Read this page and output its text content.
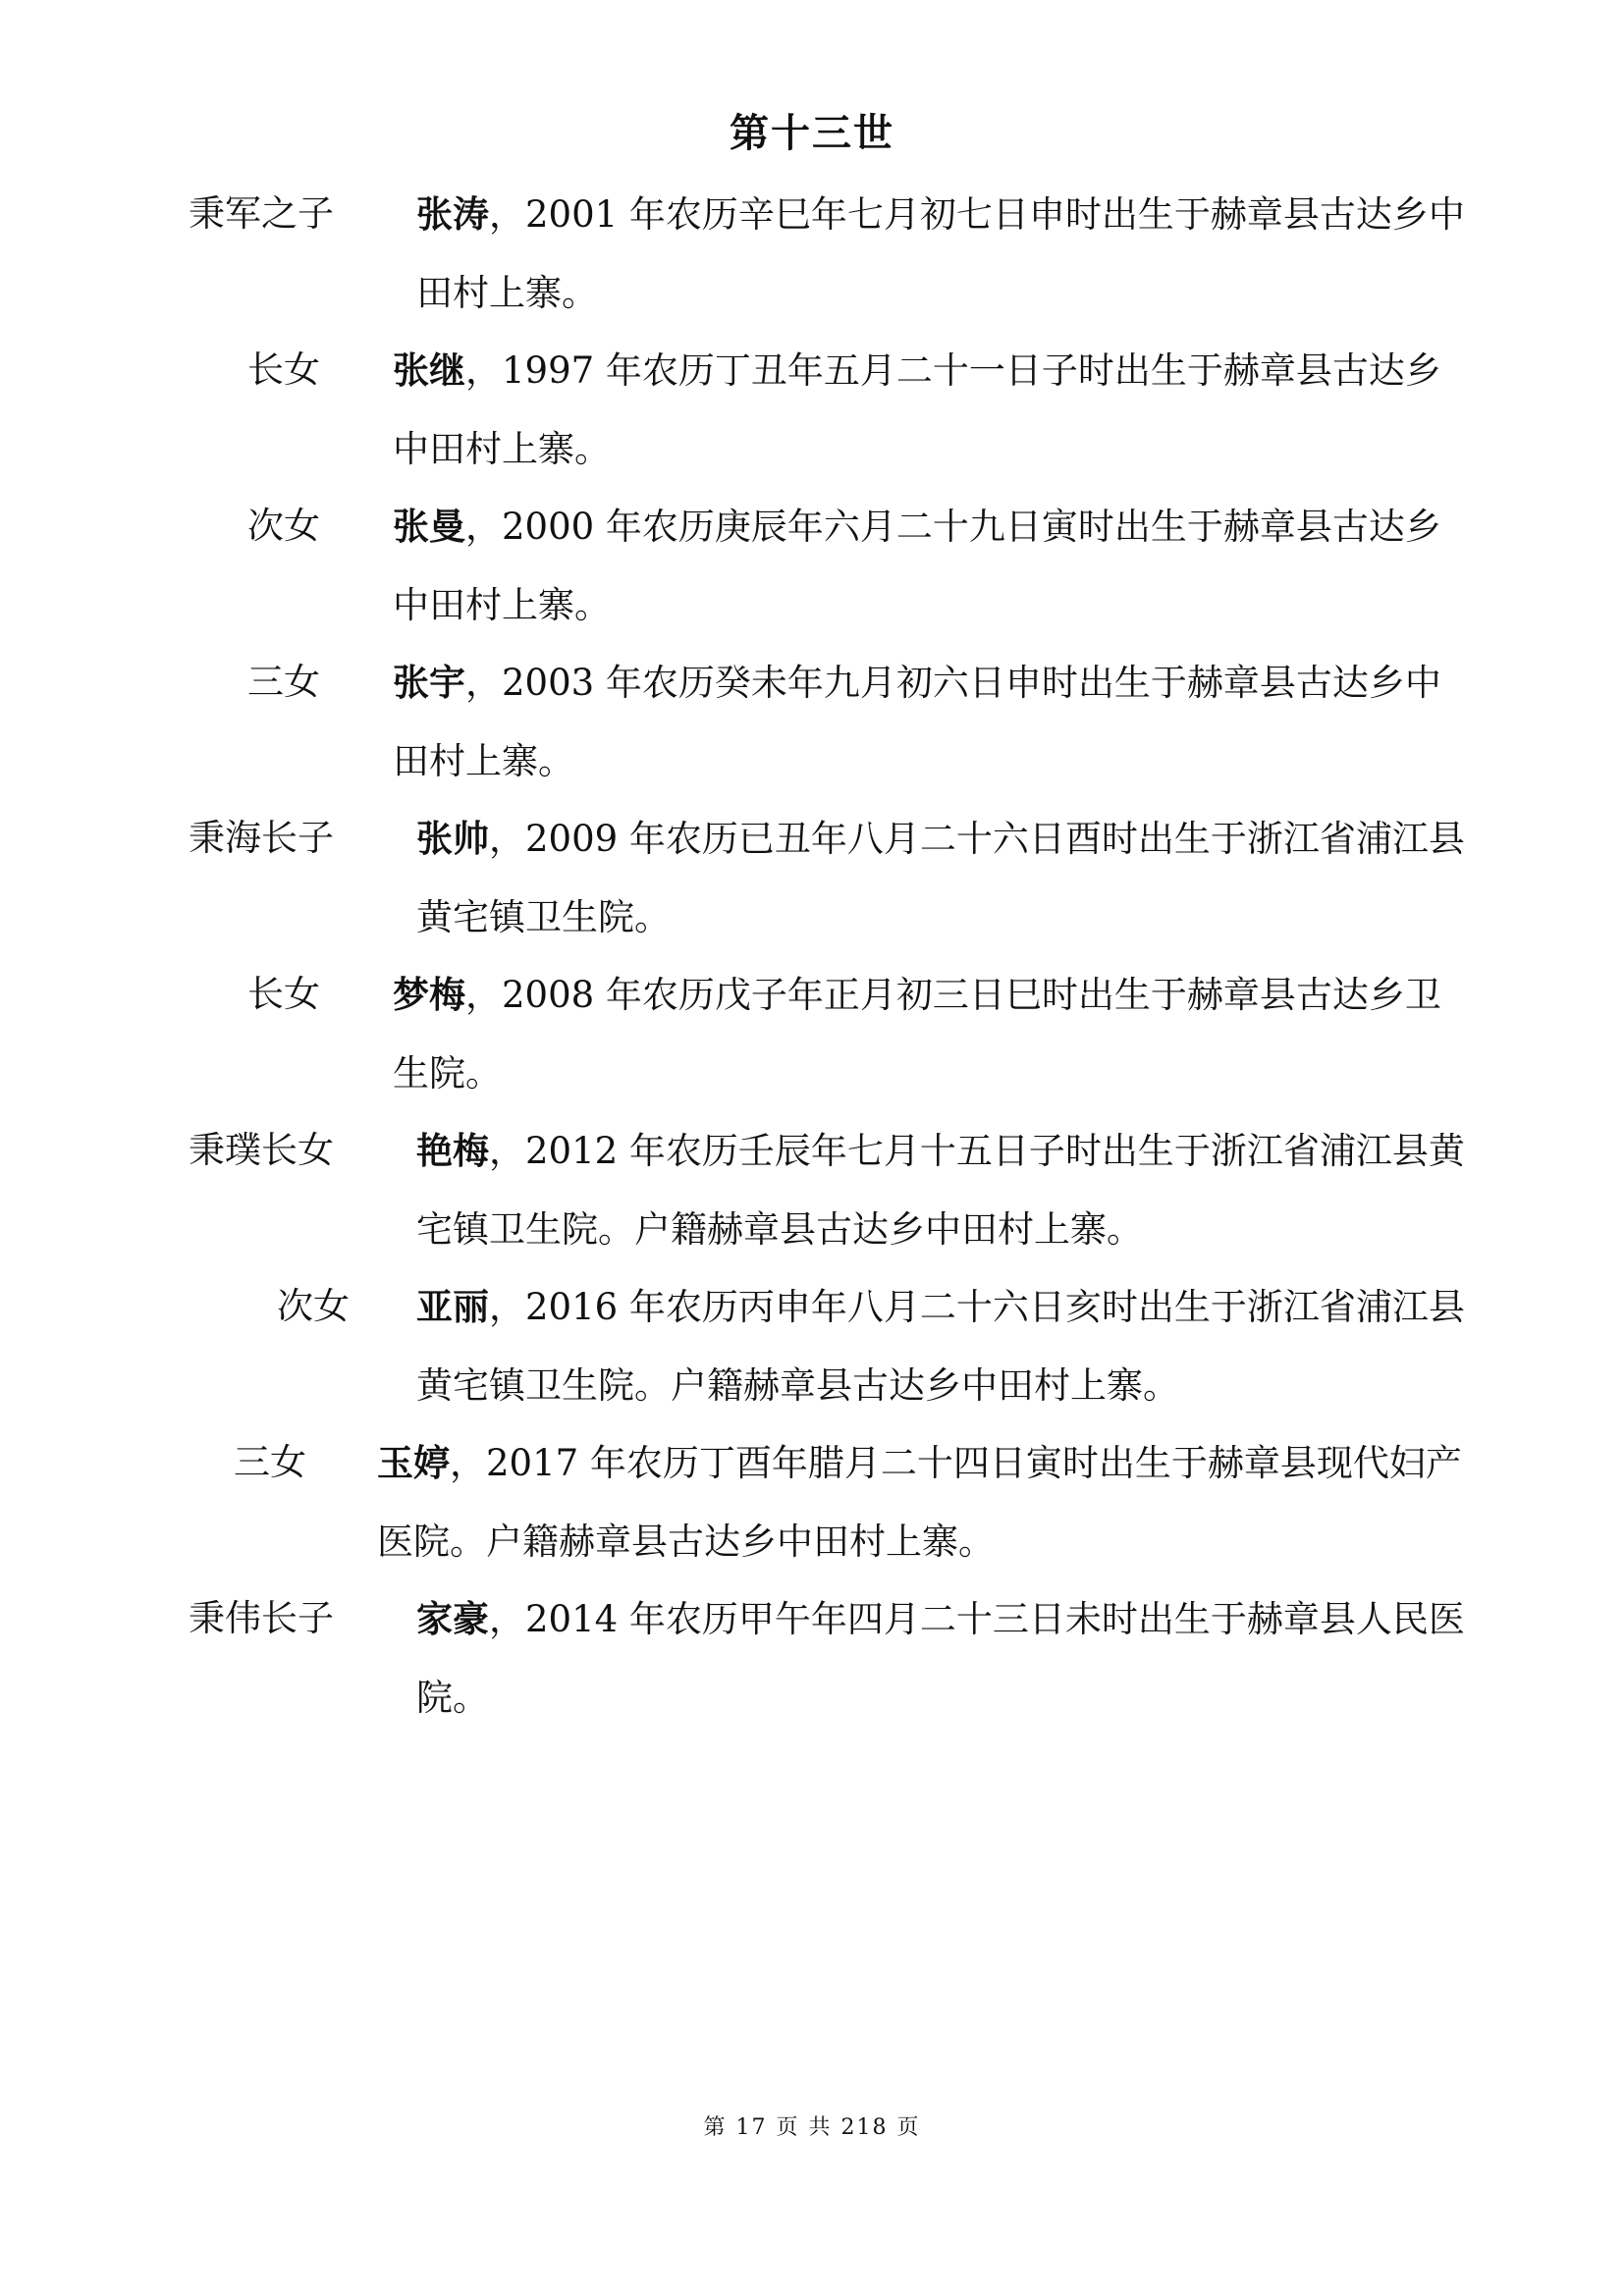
第十三世
秉军之子 张涛，2001 年农历辛巳年七月初七日申时出生于赫章县古达乡中田村上寨。
长女 张继，1997 年农历丁丑年五月二十一日子时出生于赫章县古达乡中田村上寨。
次女 张曼，2000 年农历庚辰年六月二十九日寅时出生于赫章县古达乡中田村上寨。
三女 张宇，2003 年农历癸未年九月初六日申时出生于赫章县古达乡中田村上寨。
秉海长子 张帅，2009 年农历已丑年八月二十六日酉时出生于浙江省浦江县黄宅镇卫生院。
长女 梦梅，2008 年农历戊子年正月初三日巳时出生于赫章县古达乡卫生院。
秉璞长女 艳梅，2012 年农历壬辰年七月十五日子时出生于浙江省浦江县黄宅镇卫生院。户籍赫章县古达乡中田村上寨。
次女 亚丽，2016 年农历丙申年八月二十六日亥时出生于浙江省浦江县黄宅镇卫生院。户籍赫章县古达乡中田村上寨。
三女 玉婷，2017 年农历丁酉年腊月二十四日寅时出生于赫章县现代妇产医院。户籍赫章县古达乡中田村上寨。
秉伟长子 家豪，2014 年农历甲午年四月二十三日未时出生于赫章县人民医院。
第 17 页 共 218 页
